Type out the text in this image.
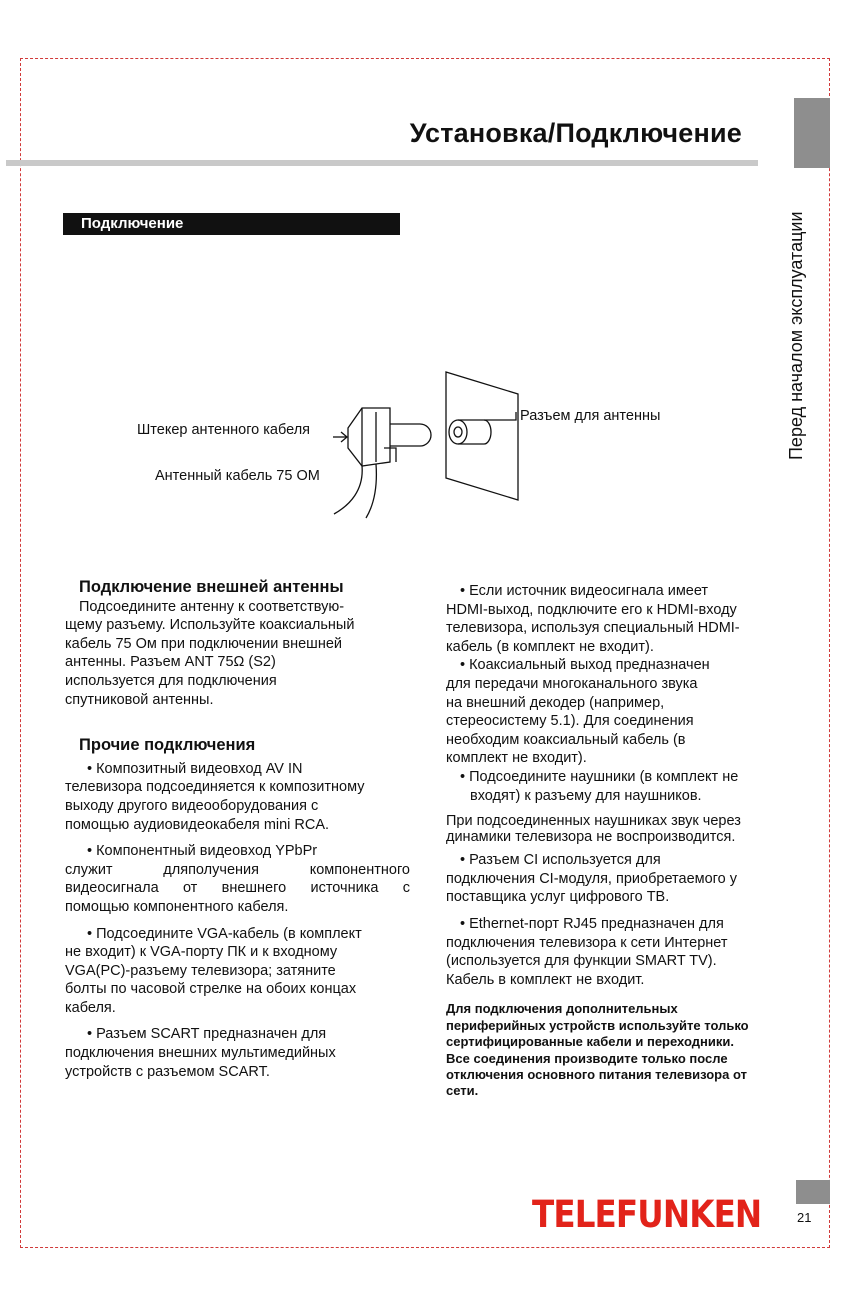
Установка/Подключение
Перед началом эксплуатации
Подключение
Штекер антенного кабеля
Антенный кабель 75 ОМ
Разъем для антенны
Подключение внешней антенны

Подсоедините антенну к соответствую-

щему разъему. Используйте коаксиальный

кабель 75 Ом при подключении внешней

антенны. Разъем ANT 75Ω (S2)

используется для подключения

спутниковой антенны.

Прочие подключения

• Композитный видеовход AV IN

телевизора подсоединяется к композитному

выходу другого видеооборудования с

помощью аудиовидеокабеля mini RCA.

• Компонентный видеовход YPbPr

служит дляполучения компонентного

видеосигнала от внешнего источника с

помощью компонентного кабеля.

• Подсоедините VGA-кабель (в комплект

не входит) к VGA-порту ПК и к входному

VGA(PC)-разъему телевизора; затяните

болты по часовой стрелке на обоих концах

кабеля.

• Разъем SCART предназначен для

подключения внешних мультимедийных

устройств с разъемом SCART.

• Если источник видеосигнала имеет

HDMI-выход, подключите его к HDMI-входу

телевизора, используя специальный HDMI-

кабель (в комплект не входит).

• Коаксиальный выход предназначен

для передачи многоканального звука

на внешний декодер (например,

стереосистему 5.1). Для соединения

необходим коаксиальный кабель (в

комплект не входит).

• Подсоедините наушники (в комплект не

входят) к разъему для наушников.

При подсоединенных наушниках звук через

динамики телевизора не воспроизводится.

• Разъем CI используется для

подключения CI-модуля, приобретаемого у

поставщика услуг цифрового ТВ.

• Ethernet-порт RJ45 предназначен для

подключения телевизора к сети Интернет

(используется для функции SMART TV).

Кабель в комплект не входит.

Для подключения дополнительных

периферийных устройств используйте только

сертифицированные кабели и переходники.

Все соединения производите только после

отключения основного питания телевизора от

сети.

TELEFUNKEN	21
